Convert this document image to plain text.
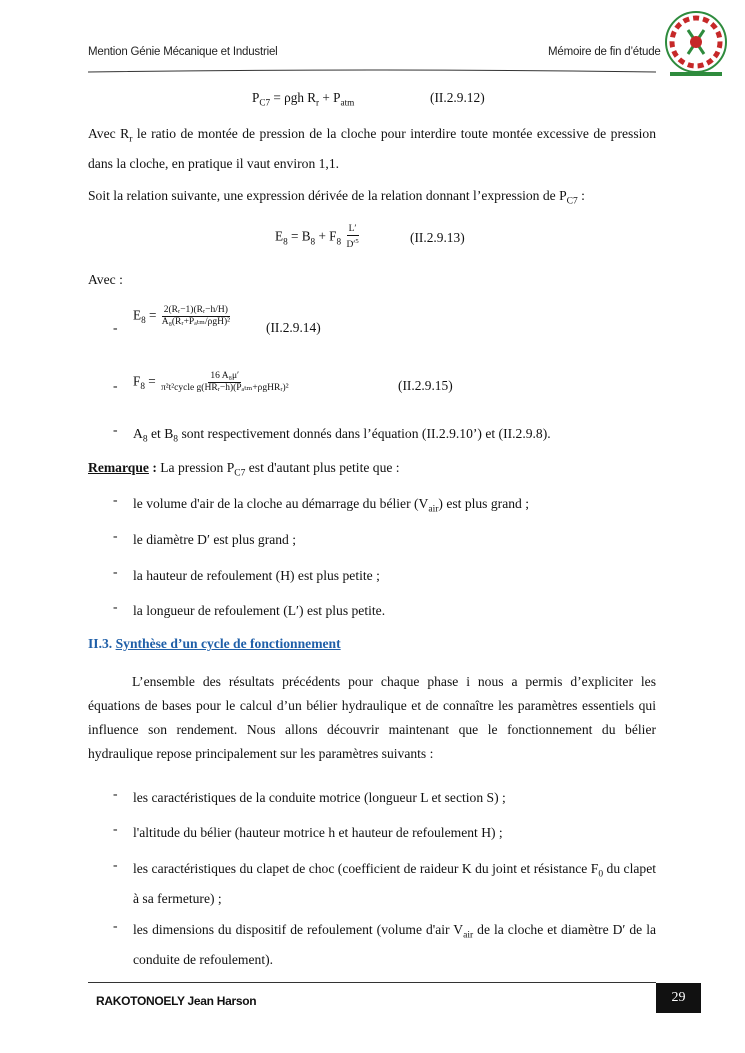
Mention Génie Mécanique et Industriel	Mémoire de fin d’étude
$P_{C7} = \rho gh$ $R_r + P_{atm}$	(II.2.9.12)
Avec $R_r$ le ratio de montée de pression de la cloche pour interdire toute montée excessive de pression dans la cloche, en pratique il vaut environ 1,1.
Soit la relation suivante, une expression dérivée de la relation donnant l’expression de $P_{C7}$ :
$E_8 = B_8 + F_8 \frac{L'}{D'^5}$	(II.2.9.13)
Avec :
-
$E_8 = \frac{\text{2(Rᵣ−1)(Rᵣ−h/H)}}{\text{A₈(Rᵣ+Pₐₜₘ/ρgH)²}}$	(II.2.9.14)
- $F_8 = \frac{\text{16 A₈μ′}}{\text{π²t²cycle g(HRᵣ−h)(Pₐₜₘ+ρgHRᵣ)²}}$	(II.2.9.15)
- $A_8$ et $B_8$ sont respectivement donnés dans l’équation (II.2.9.10’) et (II.2.9.8).
Remarque : La pression $P_{C7}$ est d'autant plus petite que :
- le volume d'air de la cloche au démarrage du bélier $(V_{air})$ est plus grand ;
- le diamètre D′ est plus grand ;
- la hauteur de refoulement (H) est plus petite ;
- la longueur de refoulement (L′) est plus petite.
II.3. Synthèse d’un cycle de fonctionnement
L’ensemble des résultats précédents pour chaque phase i nous a permis d’expliciter les équations de bases pour le calcul d’un bélier hydraulique et de connaître les paramètres essentiels qui influence son rendement. Nous allons découvrir maintenant que le fonctionnement du bélier hydraulique repose principalement sur les paramètres suivants :
- les caractéristiques de la conduite motrice (longueur L et section S) ;
- l'altitude du bélier (hauteur motrice h et hauteur de refoulement H) ;
- les caractéristiques du clapet de choc (coefficient de raideur K du joint et résistance $F_0$ du clapet à sa fermeture) ;
- les dimensions du dispositif de refoulement (volume d'air $V_{air}$ de la cloche et diamètre D′ de la conduite de refoulement).
RAKOTONOELY Jean Harson	29
